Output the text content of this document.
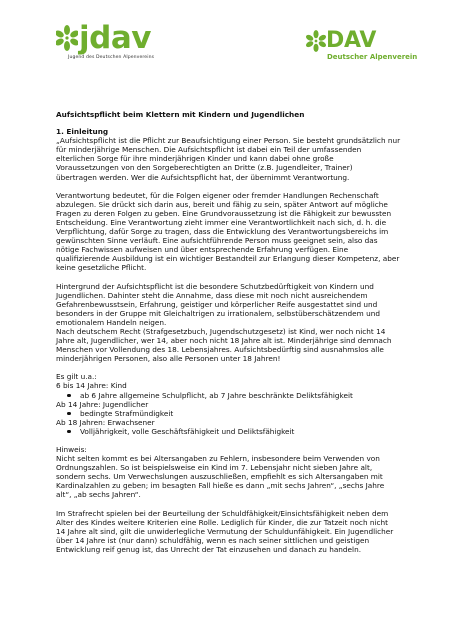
jdav
Jugend des Deutschen Alpenvereins
DAV
Deutscher Alpenverein
Aufsichtspflicht beim Klettern mit Kindern und Jugendlichen
1. Einleitung
„Aufsichtspflicht ist die Pflicht zur Beaufsichtigung einer Person. Sie besteht grundsätzlich nur
für minderjährige Menschen. Die Aufsichtspflicht ist dabei ein Teil der umfassenden
elterlichen Sorge für ihre minderjährigen Kinder und kann dabei ohne große
Voraussetzungen von den Sorgeberechtigten an Dritte (z.B. Jugendleiter, Trainer)
übertragen werden. Wer die Aufsichtspflicht hat, der übernimmt Verantwortung.
Verantwortung bedeutet, für die Folgen eigener oder fremder Handlungen Rechenschaft
abzulegen. Sie drückt sich darin aus, bereit und fähig zu sein, später Antwort auf mögliche
Fragen zu deren Folgen zu geben. Eine Grundvoraussetzung ist die Fähigkeit zur bewussten
Entscheidung. Eine Verantwortung zieht immer eine Verantwortlichkeit nach sich, d. h. die
Verpflichtung, dafür Sorge zu tragen, dass die Entwicklung des Verantwortungsbereichs im
gewünschten Sinne verläuft. Eine aufsichtführende Person muss geeignet sein, also das
nötige Fachwissen aufweisen und über entsprechende Erfahrung verfügen. Eine
qualifizierende Ausbildung ist ein wichtiger Bestandteil zur Erlangung dieser Kompetenz, aber
keine gesetzliche Pflicht.
Hintergrund der Aufsichtspflicht ist die besondere Schutzbedürftigkeit von Kindern und
Jugendlichen. Dahinter steht die Annahme, dass diese mit noch nicht ausreichendem
Gefahrenbewusstsein, Erfahrung, geistiger und körperlicher Reife ausgestattet sind und
besonders in der Gruppe mit Gleichaltrigen zu irrationalem, selbstüberschätzendem und
emotionalem Handeln neigen.
Nach deutschem Recht (Strafgesetzbuch, Jugendschutzgesetz) ist Kind, wer noch nicht 14
Jahre alt, Jugendlicher, wer 14, aber noch nicht 18 Jahre alt ist. Minderjährige sind demnach
Menschen vor Vollendung des 18. Lebensjahres. Aufsichtsbedürftig sind ausnahmslos alle
minderjährigen Personen, also alle Personen unter 18 Jahren!
Es gilt u.a.:
6 bis 14 Jahre: Kind
ab 6 Jahre allgemeine Schulpflicht, ab 7 Jahre beschränkte Deliktsfähigkeit
Ab 14 Jahre: Jugendlicher
bedingte Strafmündigkeit
Ab 18 Jahren: Erwachsener
Volljährigkeit, volle Geschäftsfähigkeit und Deliktsfähigkeit
Hinweis:
Nicht selten kommt es bei Altersangaben zu Fehlern, insbesondere beim Verwenden von
Ordnungszahlen. So ist beispielsweise ein Kind im 7. Lebensjahr nicht sieben Jahre alt,
sondern sechs. Um Verwechslungen auszuschließen, empfiehlt es sich Altersangaben mit
Kardinalzahlen zu geben; im besagten Fall hieße es dann „mit sechs Jahren“, „sechs Jahre
alt“, „ab sechs Jahren“.
Im Strafrecht spielen bei der Beurteilung der Schuldfähigkeit/Einsichtsfähigkeit neben dem
Alter des Kindes weitere Kriterien eine Rolle. Lediglich für Kinder, die zur Tatzeit noch nicht
14 Jahre alt sind, gilt die unwiderlegliche Vermutung der Schuldunfähigkeit. Ein Jugendlicher
über 14 Jahre ist (nur dann) schuldfähig, wenn es nach seiner sittlichen und geistigen
Entwicklung reif genug ist, das Unrecht der Tat einzusehen und danach zu handeln.
